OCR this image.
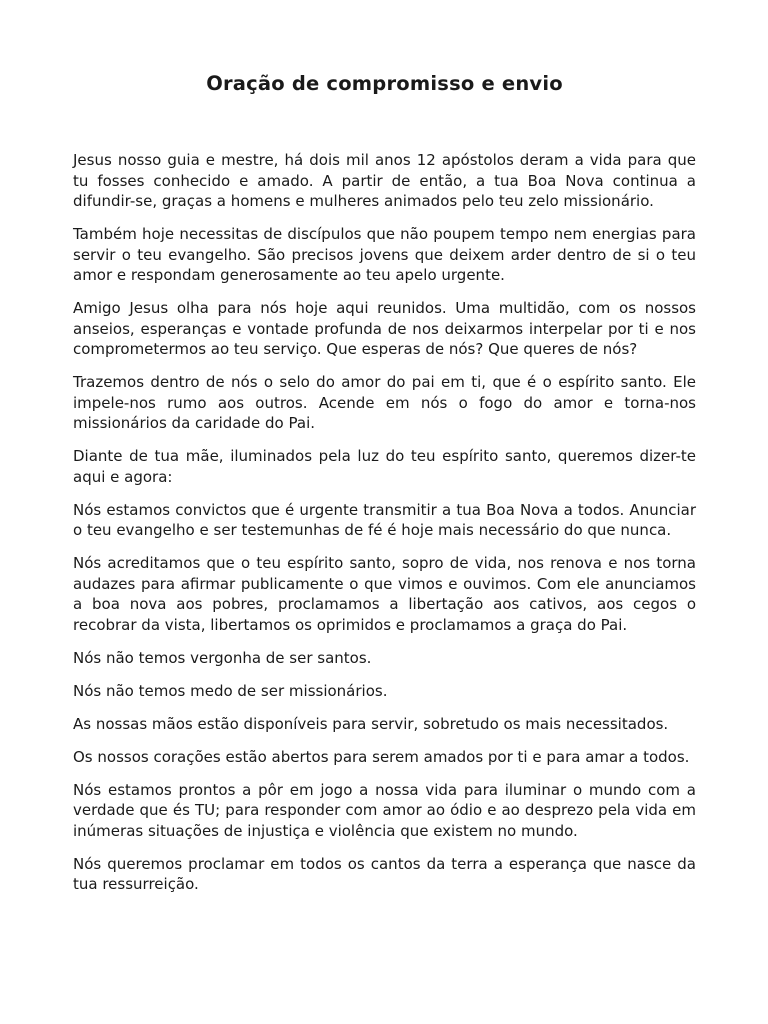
Oração de compromisso e envio

Jesus nosso guia e mestre, há dois mil anos 12 apóstolos deram a vida para que tu fosses conhecido e amado. A partir de então, a tua Boa Nova continua a difundir-se, graças a homens e mulheres animados pelo teu zelo missionário.

Também hoje necessitas de discípulos que não poupem tempo nem energias para servir o teu evangelho. São precisos jovens que deixem arder dentro de si o teu amor e respondam generosamente ao teu apelo urgente.

Amigo Jesus olha para nós hoje aqui reunidos. Uma multidão, com os nossos anseios, esperanças e vontade profunda de nos deixarmos interpelar por ti e nos comprometermos ao teu serviço. Que esperas de nós? Que queres de nós?

Trazemos dentro de nós o selo do amor do pai em ti, que é o espírito santo. Ele impele-nos rumo aos outros. Acende em nós o fogo do amor e torna-nos missionários da caridade do Pai.

Diante de tua mãe, iluminados pela luz do teu espírito santo, queremos dizer-te aqui e agora:

Nós estamos convictos que é urgente transmitir a tua Boa Nova a todos. Anunciar o teu evangelho e ser testemunhas de fé é hoje mais necessário do que nunca.

Nós acreditamos que o teu espírito santo, sopro de vida, nos renova e nos torna audazes para afirmar publicamente o que vimos e ouvimos. Com ele anunciamos a boa nova aos pobres, proclamamos a libertação aos cativos, aos cegos o recobrar da vista, libertamos os oprimidos e proclamamos a graça do Pai.

Nós não temos vergonha de ser santos.

Nós não temos medo de ser missionários.

As nossas mãos estão disponíveis para servir, sobretudo os mais necessitados.

Os nossos corações estão abertos para serem amados por ti e para amar a todos.

Nós estamos prontos a pôr em jogo a nossa vida para iluminar o mundo com a verdade que és TU; para responder com amor ao ódio e ao desprezo pela vida em inúmeras situações de injustiça e violência que existem no mundo.

Nós queremos proclamar em todos os cantos da terra a esperança que nasce da tua ressurreição.
